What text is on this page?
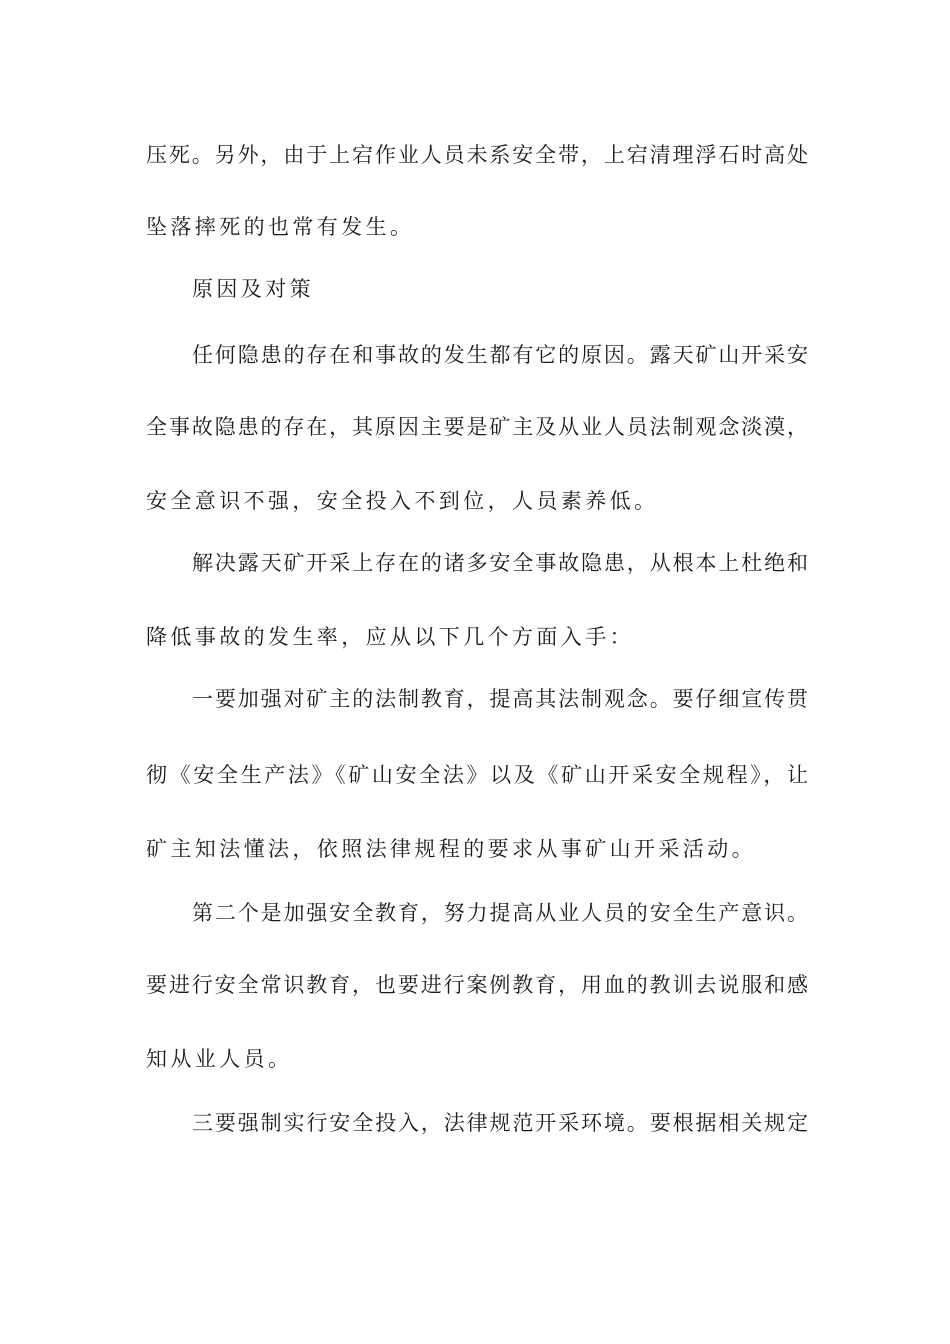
压死。另外，由于上宕作业人员未系安全带，上宕清理浮石时高处
坠落摔死的也常有发生。
原因及对策
任何隐患的存在和事故的发生都有它的原因。露天矿山开采安
全事故隐患的存在，其原因主要是矿主及从业人员法制观念淡漠，
安全意识不强，安全投入不到位，人员素养低。
解决露天矿开采上存在的诸多安全事故隐患，从根本上杜绝和
降低事故的发生率，应从以下几个方面入手：
一要加强对矿主的法制教育，提高其法制观念。要仔细宣传贯
彻《安全生产法》《矿山安全法》以及《矿山开采安全规程》，让
矿主知法懂法，依照法律规程的要求从事矿山开采活动。
第二个是加强安全教育，努力提高从业人员的安全生产意识。
要进行安全常识教育，也要进行案例教育，用血的教训去说服和感
知从业人员。
三要强制实行安全投入，法律规范开采环境。要根据相关规定
